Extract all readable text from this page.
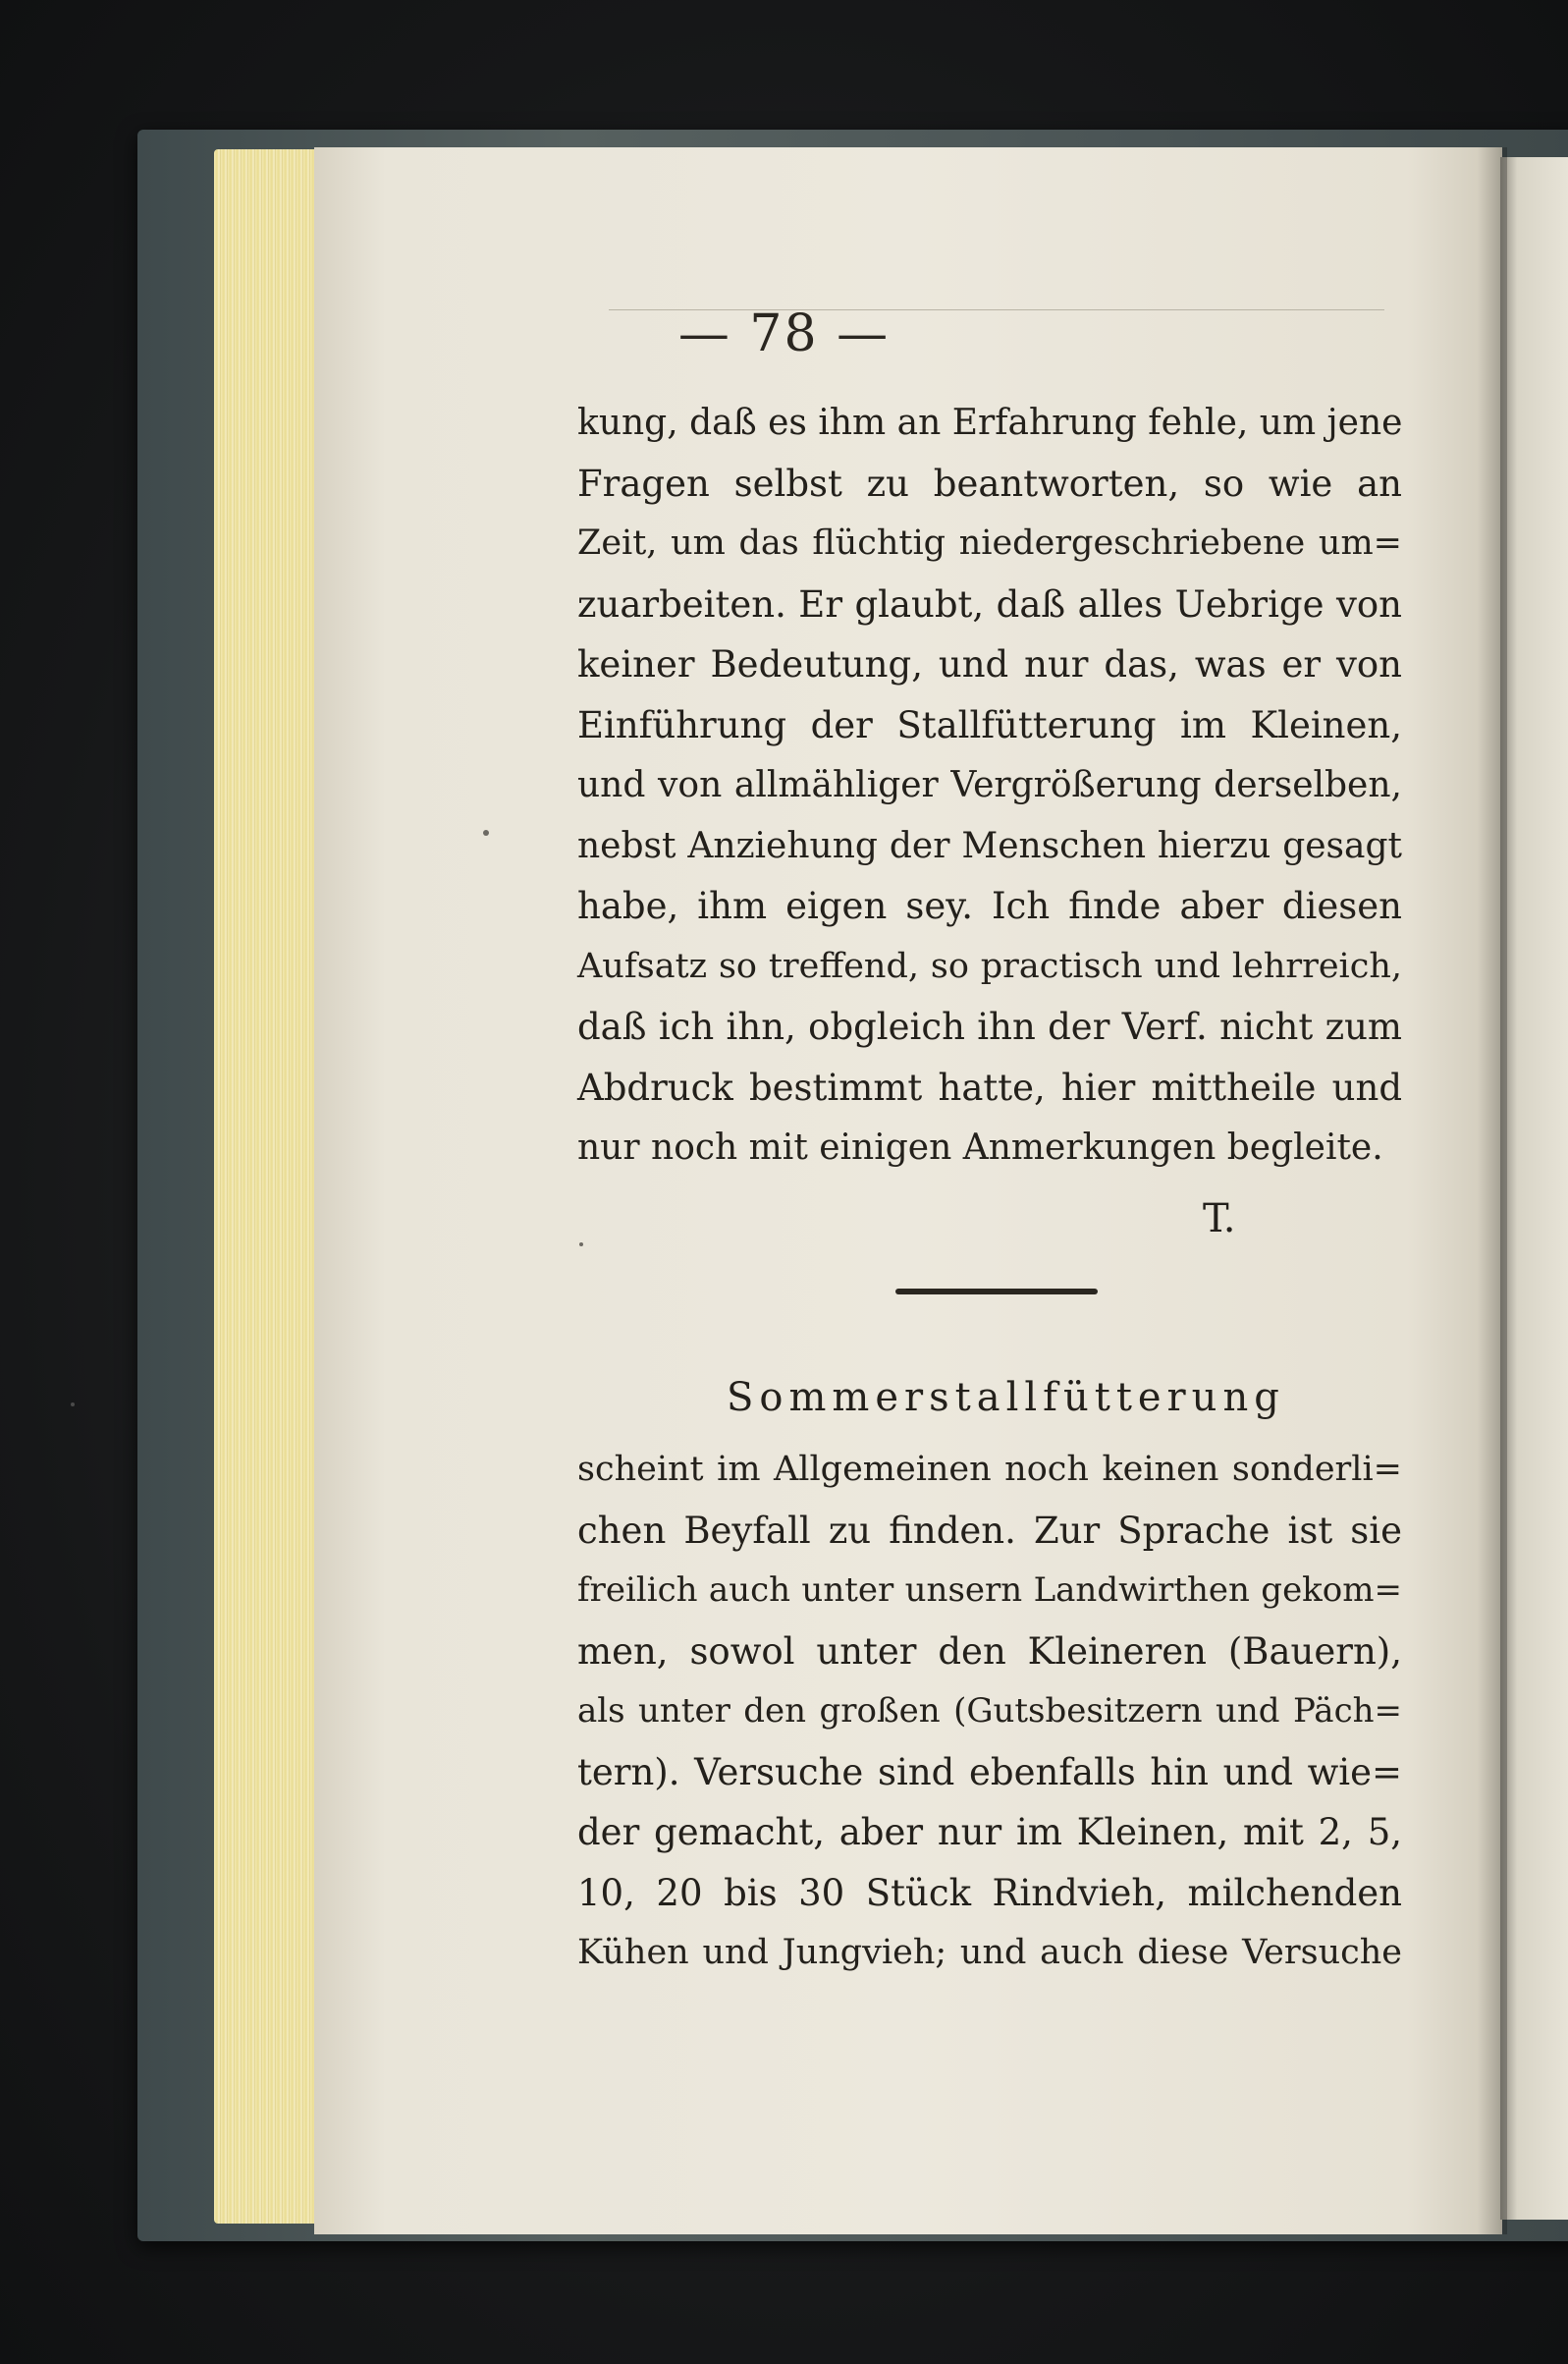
— 78 —
kung, daß es ihm an Erfahrung fehle, um jene
Fragen selbst zu beantworten, so wie an
Zeit, um das flüchtig niedergeschriebene um=
zuarbeiten. Er glaubt, daß alles Uebrige von
keiner Bedeutung, und nur das, was er von
Einführung der Stallfütterung im Kleinen,
und von allmähliger Vergrößerung derselben,
nebst Anziehung der Menschen hierzu gesagt
habe, ihm eigen sey. Ich finde aber diesen
Aufsatz so treffend, so practisch und lehrreich,
daß ich ihn, obgleich ihn der Verf. nicht zum
Abdruck bestimmt hatte, hier mittheile und
nur noch mit einigen Anmerkungen begleite.
T.
Sommerstallfütterung
scheint im Allgemeinen noch keinen sonderli=
chen Beyfall zu finden. Zur Sprache ist sie
freilich auch unter unsern Landwirthen gekom=
men, sowol unter den Kleineren (Bauern),
als unter den großen (Gutsbesitzern und Päch=
tern). Versuche sind ebenfalls hin und wie=
der gemacht, aber nur im Kleinen, mit 2, 5,
10, 20 bis 30 Stück Rindvieh, milchenden
Kühen und Jungvieh; und auch diese Versuche
